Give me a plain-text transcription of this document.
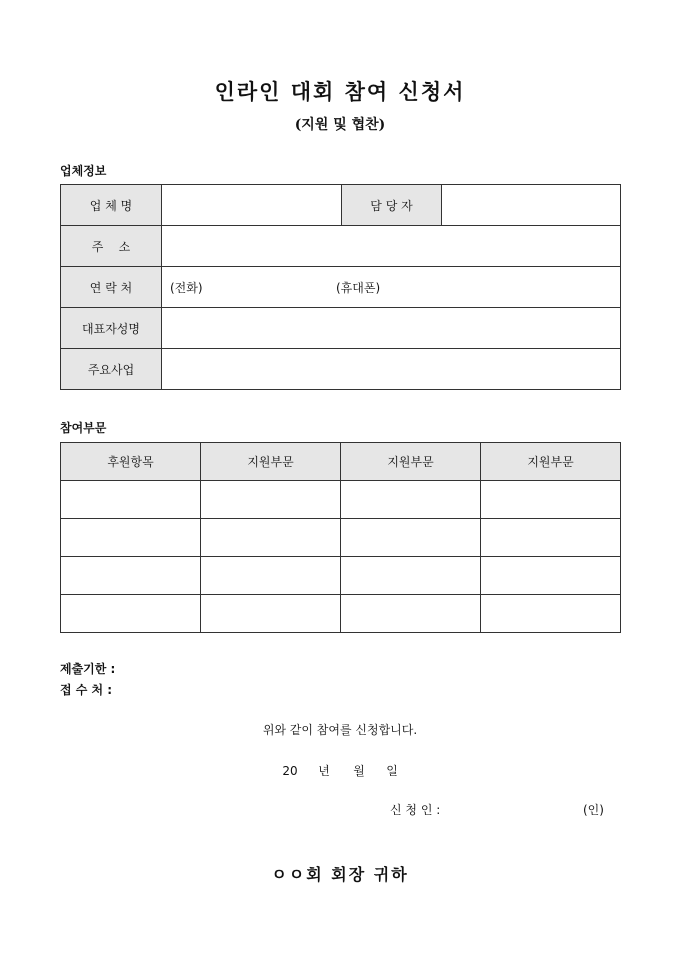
인라인 대회 참여 신청서
(지원 및 협찬)
업체정보
업 체 명		담 당 자	
주    소			
연 락 처	(전화) (휴대폰)		
대표자성명			
주요사업			
참여부문
후원항목	지원부문	지원부문	지원부문

제출기한 :
접 수 처 :
위와 같이 참여를 신청합니다.
20 년 월 일
신 청 인 :	(인)
ㅇㅇ회 회장 귀하
